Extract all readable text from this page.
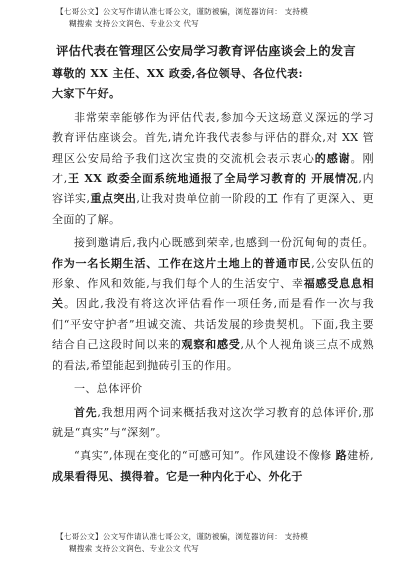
【七哥公文】公文写作请认准七哥公文，谨防被骗，浏览器访问： 支持模
糊搜索 支持公文润色、专业公文 代写
评估代表在管理区公安局学习教育评估座谈会上的发言

尊敬的 XX 主任、XX 政委,各位领导、各位代表:

大家下午好。

非常荣幸能够作为评估代表,参加今天这场意义深远的学习教育评估座谈会。首先,请允许我代表参与评估的群众,对 XX 管理区公安局给予我们这次宝贵的交流机会表示衷心的感谢。刚才,王 XX 政委全面系统地通报了全局学习教育的 开展情况,内容详实,重点突出,让我对贵单位前一阶段的工 作有了更深入、更全面的了解。

接到邀请后,我内心既感到荣幸,也感到一份沉甸甸的责任。作为一名长期生活、工作在这片土地上的普通市民,公安队伍的形象、作风和效能,与我们每个人的生活安宁、幸福感受息息相关。因此,我没有将这次评估看作一项任务,而是看作一次与我们“平安守护者”坦诚交流、共话发展的珍贵契机。下面,我主要结合自己这段时间以来的观察和感受,从个人视角谈三点不成熟的看法,希望能起到抛砖引玉的作用。

一、总体评价

首先,我想用两个词来概括我对这次学习教育的总体评价,那就是“真实”与“深刻”。

“真实”,体现在变化的“可感可知”。作风建设不像修 路建桥,成果看得见、摸得着。它是一种内化于心、外化于

【七哥公文】公文写作请认准七哥公文，谨防被骗，浏览器访问： 支持模
糊搜索 支持公文润色、专业公文 代写
